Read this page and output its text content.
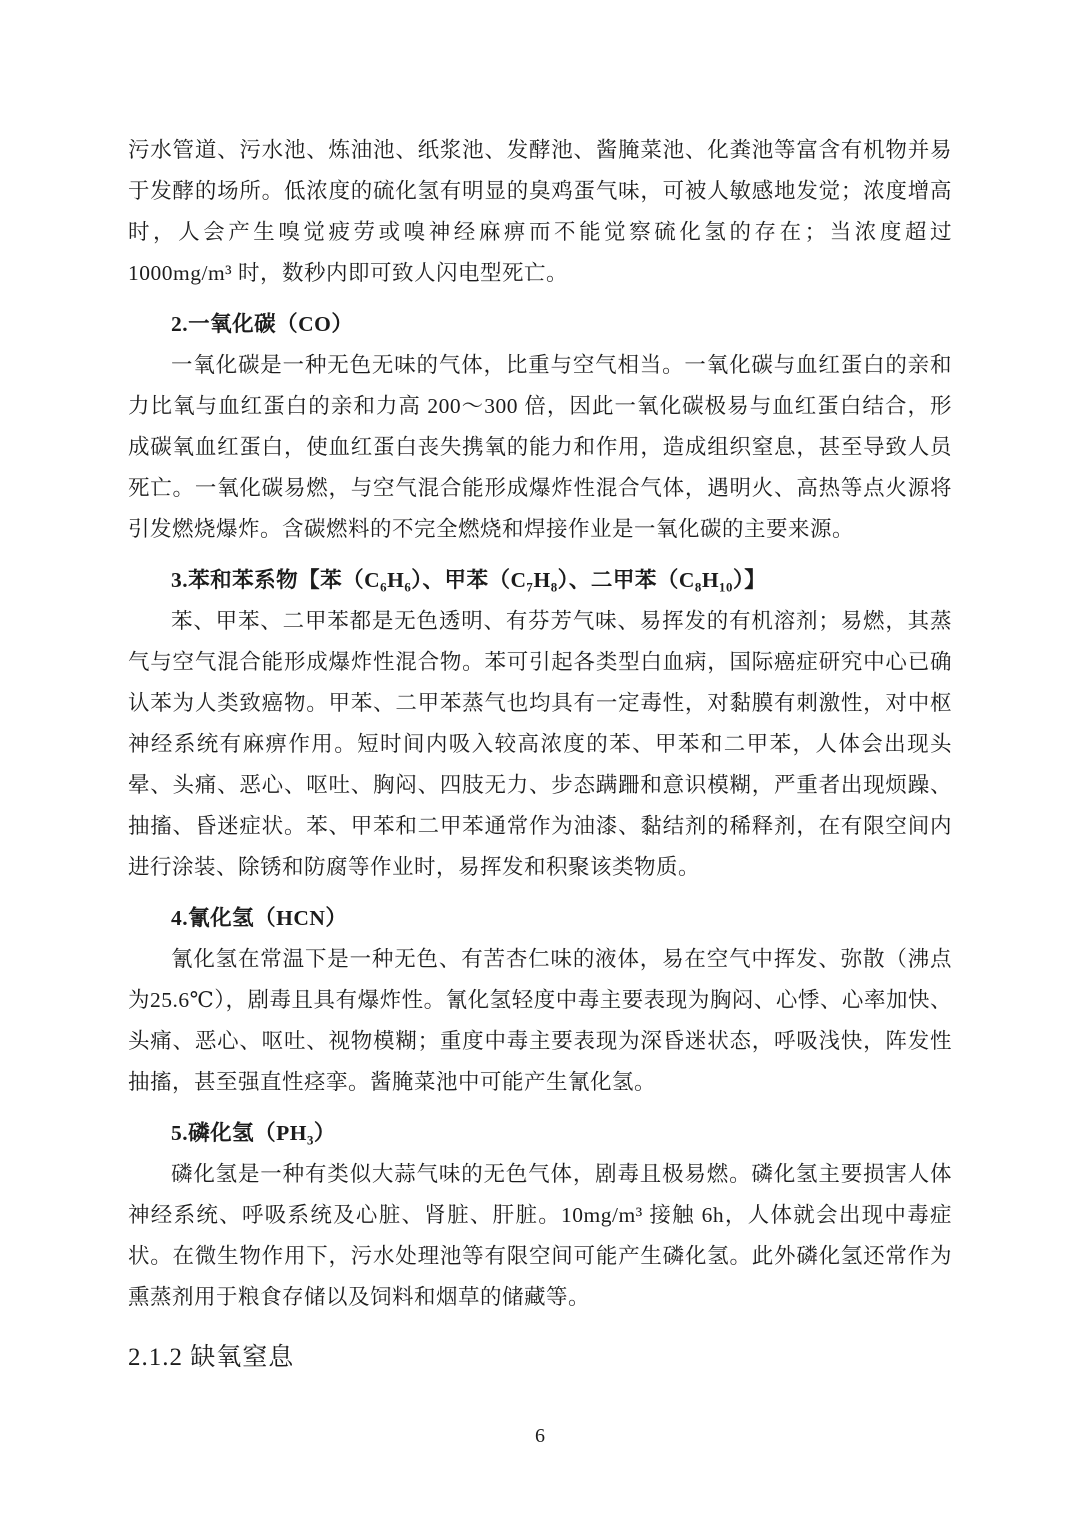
污水管道、污水池、炼油池、纸浆池、发酵池、酱腌菜池、化粪池等富含有机物并易于发酵的场所。低浓度的硫化氢有明显的臭鸡蛋气味，可被人敏感地发觉；浓度增高时，人会产生嗅觉疲劳或嗅神经麻痹而不能觉察硫化氢的存在；当浓度超过 1000mg/m³ 时，数秒内即可致人闪电型死亡。

2.一氧化碳（CO）

一氧化碳是一种无色无味的气体，比重与空气相当。一氧化碳与血红蛋白的亲和力比氧与血红蛋白的亲和力高 200～300 倍，因此一氧化碳极易与血红蛋白结合，形成碳氧血红蛋白，使血红蛋白丧失携氧的能力和作用，造成组织窒息，甚至导致人员死亡。一氧化碳易燃，与空气混合能形成爆炸性混合气体，遇明火、高热等点火源将引发燃烧爆炸。含碳燃料的不完全燃烧和焊接作业是一氧化碳的主要来源。

3.苯和苯系物【苯（C₆H₆）、甲苯（C₇H₈）、二甲苯（C₈H₁₀）】

苯、甲苯、二甲苯都是无色透明、有芬芳气味、易挥发的有机溶剂；易燃，其蒸气与空气混合能形成爆炸性混合物。苯可引起各类型白血病，国际癌症研究中心已确认苯为人类致癌物。甲苯、二甲苯蒸气也均具有一定毒性，对黏膜有刺激性，对中枢神经系统有麻痹作用。短时间内吸入较高浓度的苯、甲苯和二甲苯，人体会出现头晕、头痛、恶心、呕吐、胸闷、四肢无力、步态蹒跚和意识模糊，严重者出现烦躁、抽搐、昏迷症状。苯、甲苯和二甲苯通常作为油漆、黏结剂的稀释剂，在有限空间内进行涂装、除锈和防腐等作业时，易挥发和积聚该类物质。

4.氰化氢（HCN）

氰化氢在常温下是一种无色、有苦杏仁味的液体，易在空气中挥发、弥散（沸点为25.6℃），剧毒且具有爆炸性。氰化氢轻度中毒主要表现为胸闷、心悸、心率加快、头痛、恶心、呕吐、视物模糊；重度中毒主要表现为深昏迷状态，呼吸浅快，阵发性抽搐，甚至强直性痉挛。酱腌菜池中可能产生氰化氢。

5.磷化氢（PH₃）

磷化氢是一种有类似大蒜气味的无色气体，剧毒且极易燃。磷化氢主要损害人体神经系统、呼吸系统及心脏、肾脏、肝脏。10mg/m³ 接触 6h，人体就会出现中毒症状。在微生物作用下，污水处理池等有限空间可能产生磷化氢。此外磷化氢还常作为熏蒸剂用于粮食存储以及饲料和烟草的储藏等。

2.1.2 缺氧窒息
6
